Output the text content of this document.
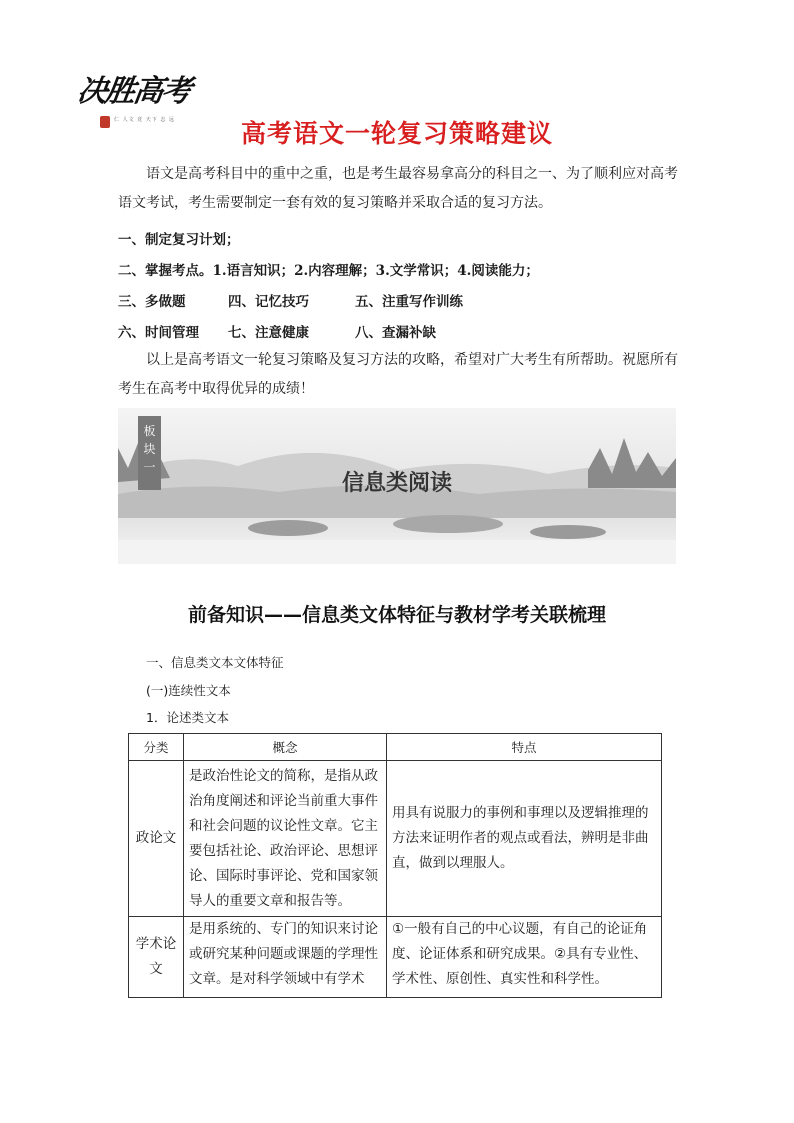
决胜高考
仁 人文 竞 天下 志 远	高考语文一轮复习策略建议
语文是高考科目中的重中之重，也是考生最容易拿高分的科目之一、为了顺利应对高考语文考试，考生需要制定一套有效的复习策略并采取合适的复习方法。
一、制定复习计划；
二、掌握考点。1.语言知识；2.内容理解；3.文学常识；4.阅读能力；
三、多做题	四、记忆技巧	五、注重写作训练
六、时间管理 七、注意健康	八、查漏补缺
以上是高考语文一轮复习策略及复习方法的攻略，希望对广大考生有所帮助。祝愿所有考生在高考中取得优异的成绩！
板
块
一
信息类阅读
前备知识——信息类文体特征与教材学考关联梳理
一、信息类文本文体特征
(一)连续性文本
1．论述类文本
分类	概念	特点

政论文	是政治性论文的简称，是指从政治角度阐述和评论当前重大事件和社会问题的议论性文章。它主要包括社论、政治评论、思想评论、国际时事评论、党和国家领导人的重要文章和报告等。	用具有说服力的事例和事理以及逻辑推理的方法来证明作者的观点或看法，辨明是非曲直，做到以理服人。

学术论文	是用系统的、专门的知识来讨论或研究某种问题或课题的学理性文章。是对科学领域中有学术	①一般有自己的中心议题，有自己的论证角度、论证体系和研究成果。②具有专业性、学术性、原创性、真实性和科学性。
